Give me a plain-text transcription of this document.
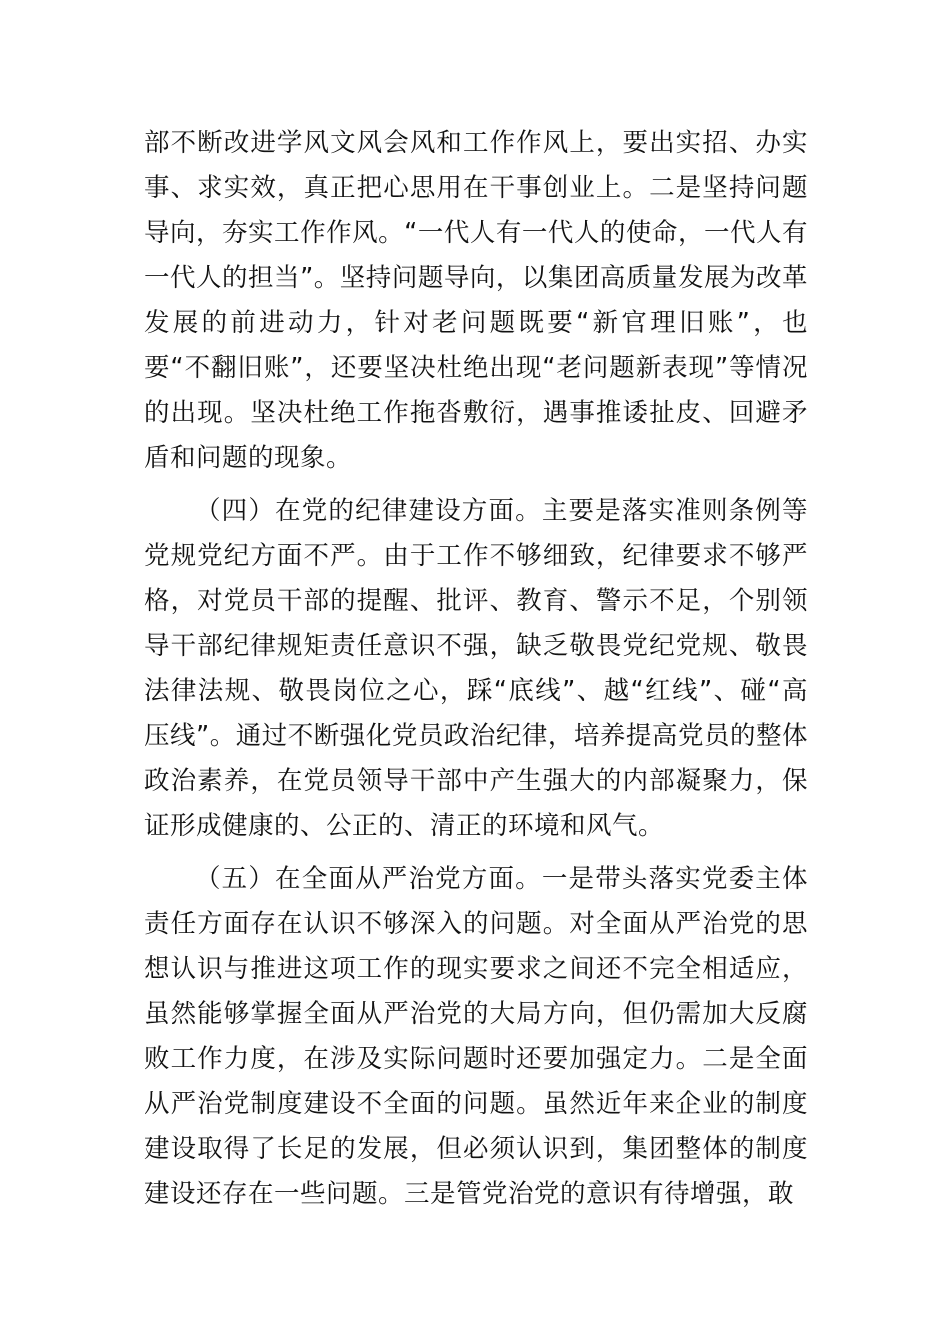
部不断改进学风文风会风和工作作风上，要出实招、办实事、求实效，真正把心思用在干事创业上。二是坚持问题导向，夯实工作作风。“一代人有一代人的使命，一代人有一代人的担当”。坚持问题导向，以集团高质量发展为改革发展的前进动力，针对老问题既要“新官理旧账”，也要“不翻旧账”，还要坚决杜绝出现“老问题新表现”等情况的出现。坚决杜绝工作拖沓敷衍，遇事推诿扯皮、回避矛盾和问题的现象。

（四）在党的纪律建设方面。主要是落实准则条例等党规党纪方面不严。由于工作不够细致，纪律要求不够严格，对党员干部的提醒、批评、教育、警示不足，个别领导干部纪律规矩责任意识不强，缺乏敬畏党纪党规、敬畏法律法规、敬畏岗位之心，踩“底线”、越“红线”、碰“高压线”。通过不断强化党员政治纪律，培养提高党员的整体政治素养，在党员领导干部中产生强大的内部凝聚力，保证形成健康的、公正的、清正的环境和风气。

（五）在全面从严治党方面。一是带头落实党委主体责任方面存在认识不够深入的问题。对全面从严治党的思想认识与推进这项工作的现实要求之间还不完全相适应，虽然能够掌握全面从严治党的大局方向，但仍需加大反腐败工作力度，在涉及实际问题时还要加强定力。二是全面从严治党制度建设不全面的问题。虽然近年来企业的制度建设取得了长足的发展，但必须认识到，集团整体的制度建设还存在一些问题。三是管党治党的意识有待增强，敢
